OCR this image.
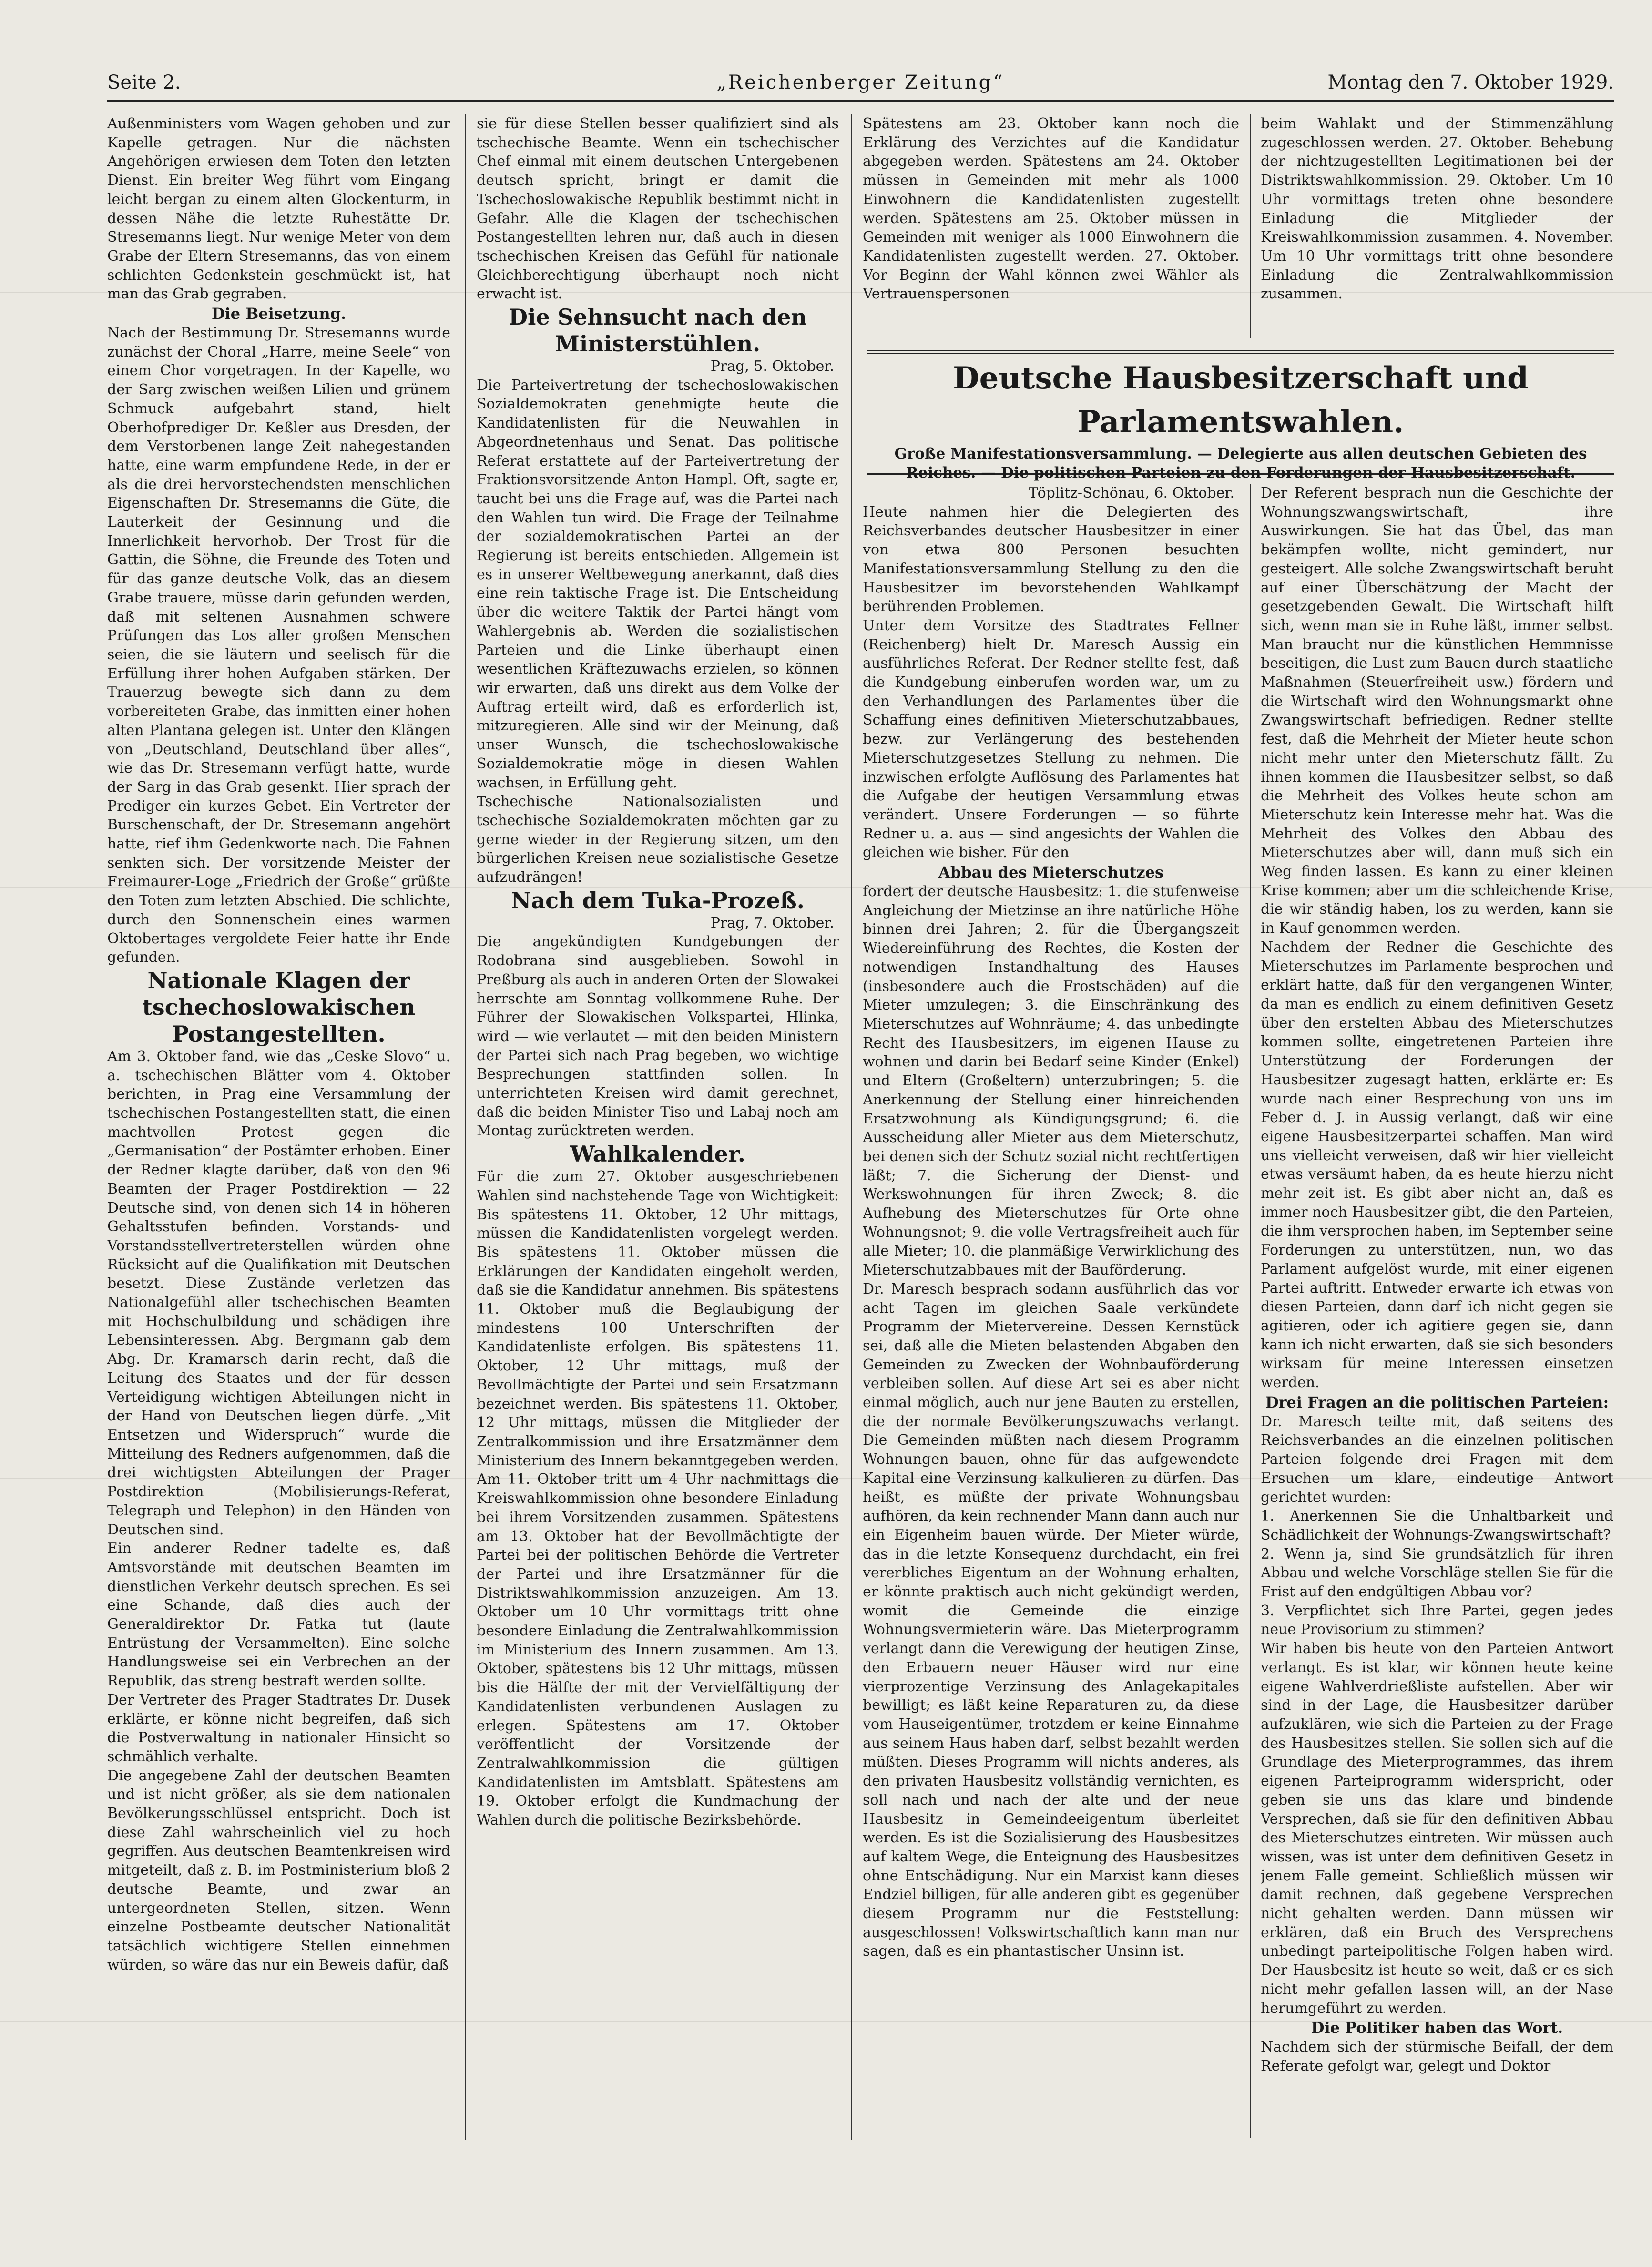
Seite 2.	„Reichenberger Zeitung“	Montag den 7. Oktober 1929.

Außenministers vom Wagen gehoben und zur Kapelle getragen. Nur die nächsten Angehörigen erwiesen dem Toten den letzten Dienst. Ein breiter Weg führt vom Eingang leicht bergan zu einem alten Glockenturm, in dessen Nähe die letzte Ruhestätte Dr. Stresemanns liegt. Nur wenige Meter von dem Grabe der Eltern Stresemanns, das von einem schlichten Gedenkstein geschmückt ist, hat man das Grab gegraben.

Die Beisetzung.

Nach der Bestimmung Dr. Stresemanns wurde zunächst der Choral „Harre, meine Seele“ von einem Chor vorgetragen. In der Kapelle, wo der Sarg zwischen weißen Lilien und grünem Schmuck aufgebahrt stand, hielt Oberhofprediger Dr. Keßler aus Dresden, der dem Verstorbenen lange Zeit nahegestanden hatte, eine warm empfundene Rede, in der er als die drei hervorstechendsten menschlichen Eigenschaften Dr. Stresemanns die Güte, die Lauterkeit der Gesinnung und die Innerlichkeit hervorhob. Der Trost für die Gattin, die Söhne, die Freunde des Toten und für das ganze deutsche Volk, das an diesem Grabe trauere, müsse darin gefunden werden, daß mit seltenen Ausnahmen schwere Prüfungen das Los aller großen Menschen seien, die sie läutern und seelisch für die Erfüllung ihrer hohen Aufgaben stärken. Der Trauerzug bewegte sich dann zu dem vorbereiteten Grabe, das inmitten einer hohen alten Plantana gelegen ist. Unter den Klängen von „Deutschland, Deutschland über alles“, wie das Dr. Stresemann verfügt hatte, wurde der Sarg in das Grab gesenkt. Hier sprach der Prediger ein kurzes Gebet. Ein Vertreter der Burschenschaft, der Dr. Stresemann angehört hatte, rief ihm Gedenkworte nach. Die Fahnen senkten sich. Der vorsitzende Meister der Freimaurer-Loge „Friedrich der Große“ grüßte den Toten zum letzten Abschied. Die schlichte, durch den Sonnenschein eines warmen Oktobertages vergoldete Feier hatte ihr Ende gefunden.

Nationale Klagen der tschechoslowakischen Postangestellten.

Am 3. Oktober fand, wie das „Ceske Slovo“ u. a. tschechischen Blätter vom 4. Oktober berichten, in Prag eine Versammlung der tschechischen Postangestellten statt, die einen machtvollen Protest gegen die „Germanisation“ der Postämter erhoben. Einer der Redner klagte darüber, daß von den 96 Beamten der Prager Postdirektion — 22 Deutsche sind, von denen sich 14 in höheren Gehaltsstufen befinden. Vorstands- und Vorstandsstellvertreterstellen würden ohne Rücksicht auf die Qualifikation mit Deutschen besetzt. Diese Zustände verletzen das Nationalgefühl aller tschechischen Beamten mit Hochschulbildung und schädigen ihre Lebensinteressen. Abg. Bergmann gab dem Abg. Dr. Kramarsch darin recht, daß die Leitung des Staates und der für dessen Verteidigung wichtigen Abteilungen nicht in der Hand von Deutschen liegen dürfe. „Mit Entsetzen und Widerspruch“ wurde die Mitteilung des Redners aufgenommen, daß die drei wichtigsten Abteilungen der Prager Postdirektion (Mobilisierungs-Referat, Telegraph und Telephon) in den Händen von Deutschen sind.

Ein anderer Redner tadelte es, daß Amtsvorstände mit deutschen Beamten im dienstlichen Verkehr deutsch sprechen. Es sei eine Schande, daß dies auch der Generaldirektor Dr. Fatka tut (laute Entrüstung der Versammelten). Eine solche Handlungsweise sei ein Verbrechen an der Republik, das streng bestraft werden sollte.

Der Vertreter des Prager Stadtrates Dr. Dusek erklärte, er könne nicht begreifen, daß sich die Postverwaltung in nationaler Hinsicht so schmählich verhalte.

Die angegebene Zahl der deutschen Beamten und ist nicht größer, als sie dem nationalen Bevölkerungsschlüssel entspricht. Doch ist diese Zahl wahrscheinlich viel zu hoch gegriffen. Aus deutschen Beamtenkreisen wird mitgeteilt, daß z. B. im Postministerium bloß 2 deutsche Beamte, und zwar an untergeordneten Stellen, sitzen. Wenn einzelne Postbeamte deutscher Nationalität tatsächlich wichtigere Stellen einnehmen würden, so wäre das nur ein Beweis dafür, daß

sie für diese Stellen besser qualifiziert sind als tschechische Beamte. Wenn ein tschechischer Chef einmal mit einem deutschen Untergebenen deutsch spricht, bringt er damit die Tschechoslowakische Republik bestimmt nicht in Gefahr. Alle die Klagen der tschechischen Postangestellten lehren nur, daß auch in diesen tschechischen Kreisen das Gefühl für nationale Gleichberechtigung überhaupt noch nicht erwacht ist.

Die Sehnsucht nach den Ministerstühlen.

Prag, 5. Oktober.

Die Parteivertretung der tschechoslowakischen Sozialdemokraten genehmigte heute die Kandidatenlisten für die Neuwahlen in Abgeordnetenhaus und Senat. Das politische Referat erstattete auf der Parteivertretung der Fraktionsvorsitzende Anton Hampl. Oft, sagte er, taucht bei uns die Frage auf, was die Partei nach den Wahlen tun wird. Die Frage der Teilnahme der sozialdemokratischen Partei an der Regierung ist bereits entschieden. Allgemein ist es in unserer Weltbewegung anerkannt, daß dies eine rein taktische Frage ist. Die Entscheidung über die weitere Taktik der Partei hängt vom Wahlergebnis ab. Werden die sozialistischen Parteien und die Linke überhaupt einen wesentlichen Kräftezuwachs erzielen, so können wir erwarten, daß uns direkt aus dem Volke der Auftrag erteilt wird, daß es erforderlich ist, mitzuregieren. Alle sind wir der Meinung, daß unser Wunsch, die tschechoslowakische Sozialdemokratie möge in diesen Wahlen wachsen, in Erfüllung geht.

Tschechische Nationalsozialisten und tschechische Sozialdemokraten möchten gar zu gerne wieder in der Regierung sitzen, um den bürgerlichen Kreisen neue sozialistische Gesetze aufzudrängen!

Nach dem Tuka-Prozeß.

Prag, 7. Oktober.

Die angekündigten Kundgebungen der Rodobrana sind ausgeblieben. Sowohl in Preßburg als auch in anderen Orten der Slowakei herrschte am Sonntag vollkommene Ruhe. Der Führer der Slowakischen Volkspartei, Hlinka, wird — wie verlautet — mit den beiden Ministern der Partei sich nach Prag begeben, wo wichtige Besprechungen stattfinden sollen. In unterrichteten Kreisen wird damit gerechnet, daß die beiden Minister Tiso und Labaj noch am Montag zurücktreten werden.

Wahlkalender.

Für die zum 27. Oktober ausgeschriebenen Wahlen sind nachstehende Tage von Wichtigkeit: Bis spätestens 11. Oktober, 12 Uhr mittags, müssen die Kandidatenlisten vorgelegt werden. Bis spätestens 11. Oktober müssen die Erklärungen der Kandidaten eingeholt werden, daß sie die Kandidatur annehmen. Bis spätestens 11. Oktober muß die Beglaubigung der mindestens 100 Unterschriften der Kandidatenliste erfolgen. Bis spätestens 11. Oktober, 12 Uhr mittags, muß der Bevollmächtigte der Partei und sein Ersatzmann bezeichnet werden. Bis spätestens 11. Oktober, 12 Uhr mittags, müssen die Mitglieder der Zentralkommission und ihre Ersatzmänner dem Ministerium des Innern bekanntgegeben werden. Am 11. Oktober tritt um 4 Uhr nachmittags die Kreiswahlkommission ohne besondere Einladung bei ihrem Vorsitzenden zusammen. Spätestens am 13. Oktober hat der Bevollmächtigte der Partei bei der politischen Behörde die Vertreter der Partei und ihre Ersatzmänner für die Distriktswahlkommission anzuzeigen. Am 13. Oktober um 10 Uhr vormittags tritt ohne besondere Einladung die Zentralwahlkommission im Ministerium des Innern zusammen. Am 13. Oktober, spätestens bis 12 Uhr mittags, müssen bis die Hälfte der mit der Vervielfältigung der Kandidatenlisten verbundenen Auslagen zu erlegen. Spätestens am 17. Oktober veröffentlicht der Vorsitzende der Zentralwahlkommission die gültigen Kandidatenlisten im Amtsblatt. Spätestens am 19. Oktober erfolgt die Kundmachung der Wahlen durch die politische Bezirksbehörde.

Spätestens am 23. Oktober kann noch die Erklärung des Verzichtes auf die Kandidatur abgegeben werden. Spätestens am 24. Oktober müssen in Gemeinden mit mehr als 1000 Einwohnern die Kandidatenlisten zugestellt werden. Spätestens am 25. Oktober müssen in Gemeinden mit weniger als 1000 Einwohnern die Kandidatenlisten zugestellt werden. 27. Oktober. Vor Beginn der Wahl können zwei Wähler als Vertrauenspersonen

beim Wahlakt und der Stimmenzählung zugeschlossen werden. 27. Oktober. Behebung der nichtzugestellten Legitimationen bei der Distriktswahlkommission. 29. Oktober. Um 10 Uhr vormittags treten ohne besondere Einladung die Mitglieder der Kreiswahlkommission zusammen. 4. November. Um 10 Uhr vormittags tritt ohne besondere Einladung die Zentralwahlkommission zusammen.

Deutsche Hausbesitzerschaft und Parlamentswahlen.
Große Manifestationsversammlung. — Delegierte aus allen deutschen Gebieten des Reiches. — Die politischen Parteien zu den Forderungen der Hausbesitzerschaft.

Töplitz-Schönau, 6. Oktober.

Heute nahmen hier die Delegierten des Reichsverbandes deutscher Hausbesitzer in einer von etwa 800 Personen besuchten Manifestationsversammlung Stellung zu den die Hausbesitzer im bevorstehenden Wahlkampf berührenden Problemen.

Unter dem Vorsitze des Stadtrates Fellner (Reichenberg) hielt Dr. Maresch Aussig ein ausführliches Referat. Der Redner stellte fest, daß die Kundgebung einberufen worden war, um zu den Verhandlungen des Parlamentes über die Schaffung eines definitiven Mieterschutzabbaues, bezw. zur Verlängerung des bestehenden Mieterschutzgesetzes Stellung zu nehmen. Die inzwischen erfolgte Auflösung des Parlamentes hat die Aufgabe der heutigen Versammlung etwas verändert. Unsere Forderungen — so führte Redner u. a. aus — sind angesichts der Wahlen die gleichen wie bisher. Für den

Abbau des Mieterschutzes

fordert der deutsche Hausbesitz: 1. die stufenweise Angleichung der Mietzinse an ihre natürliche Höhe binnen drei Jahren; 2. für die Übergangszeit Wiedereinführung des Rechtes, die Kosten der notwendigen Instandhaltung des Hauses (insbesondere auch die Frostschäden) auf die Mieter umzulegen; 3. die Einschränkung des Mieterschutzes auf Wohnräume; 4. das unbedingte Recht des Hausbesitzers, im eigenen Hause zu wohnen und darin bei Bedarf seine Kinder (Enkel) und Eltern (Großeltern) unterzubringen; 5. die Anerkennung der Stellung einer hinreichenden Ersatzwohnung als Kündigungsgrund; 6. die Ausscheidung aller Mieter aus dem Mieterschutz, bei denen sich der Schutz sozial nicht rechtfertigen läßt; 7. die Sicherung der Dienst- und Werkswohnungen für ihren Zweck; 8. die Aufhebung des Mieterschutzes für Orte ohne Wohnungsnot; 9. die volle Vertragsfreiheit auch für alle Mieter; 10. die planmäßige Verwirklichung des Mieterschutzabbaues mit der Bauförderung.

Dr. Maresch besprach sodann ausführlich das vor acht Tagen im gleichen Saale verkündete Programm der Mietervereine. Dessen Kernstück sei, daß alle die Mieten belastenden Abgaben den Gemeinden zu Zwecken der Wohnbauförderung verbleiben sollen. Auf diese Art sei es aber nicht einmal möglich, auch nur jene Bauten zu erstellen, die der normale Bevölkerungszuwachs verlangt. Die Gemeinden müßten nach diesem Programm Wohnungen bauen, ohne für das aufgewendete Kapital eine Verzinsung kalkulieren zu dürfen. Das heißt, es müßte der private Wohnungsbau aufhören, da kein rechnender Mann dann auch nur ein Eigenheim bauen würde. Der Mieter würde, das in die letzte Konsequenz durchdacht, ein frei vererbliches Eigentum an der Wohnung erhalten, er könnte praktisch auch nicht gekündigt werden, womit die Gemeinde die einzige Wohnungsvermieterin wäre. Das Mieterprogramm verlangt dann die Verewigung der heutigen Zinse, den Erbauern neuer Häuser wird nur eine vierprozentige Verzinsung des Anlagekapitales bewilligt; es läßt keine Reparaturen zu, da diese vom Hauseigentümer, trotzdem er keine Einnahme aus seinem Haus haben darf, selbst bezahlt werden müßten. Dieses Programm will nichts anderes, als den privaten Hausbesitz vollständig vernichten, es soll nach und nach der alte und der neue Hausbesitz in Gemeindeeigentum überleitet werden. Es ist die Sozialisierung des Hausbesitzes auf kaltem Wege, die Enteignung des Hausbesitzes ohne Entschädigung. Nur ein Marxist kann dieses Endziel billigen, für alle anderen gibt es gegenüber diesem Programm nur die Feststellung: ausgeschlossen! Volkswirtschaftlich kann man nur sagen, daß es ein phantastischer Unsinn ist.

Der Referent besprach nun die Geschichte der Wohnungszwangswirtschaft, ihre Auswirkungen. Sie hat das Übel, das man bekämpfen wollte, nicht gemindert, nur gesteigert. Alle solche Zwangswirtschaft beruht auf einer Überschätzung der Macht der gesetzgebenden Gewalt. Die Wirtschaft hilft sich, wenn man sie in Ruhe läßt, immer selbst. Man braucht nur die künstlichen Hemmnisse beseitigen, die Lust zum Bauen durch staatliche Maßnahmen (Steuerfreiheit usw.) fördern und die Wirtschaft wird den Wohnungsmarkt ohne Zwangswirtschaft befriedigen. Redner stellte fest, daß die Mehrheit der Mieter heute schon nicht mehr unter den Mieterschutz fällt. Zu ihnen kommen die Hausbesitzer selbst, so daß die Mehrheit des Volkes heute schon am Mieterschutz kein Interesse mehr hat. Was die Mehrheit des Volkes den Abbau des Mieterschutzes aber will, dann muß sich ein Weg finden lassen. Es kann zu einer kleinen Krise kommen; aber um die schleichende Krise, die wir ständig haben, los zu werden, kann sie in Kauf genommen werden.

Nachdem der Redner die Geschichte des Mieterschutzes im Parlamente besprochen und erklärt hatte, daß für den vergangenen Winter, da man es endlich zu einem definitiven Gesetz über den erstelten Abbau des Mieterschutzes kommen sollte, eingetretenen Parteien ihre Unterstützung der Forderungen der Hausbesitzer zugesagt hatten, erklärte er: Es wurde nach einer Besprechung von uns im Feber d. J. in Aussig verlangt, daß wir eine eigene Hausbesitzerpartei schaffen. Man wird uns vielleicht verweisen, daß wir hier vielleicht etwas versäumt haben, da es heute hierzu nicht mehr zeit ist. Es gibt aber nicht an, daß es immer noch Hausbesitzer gibt, die den Parteien, die ihm versprochen haben, im September seine Forderungen zu unterstützen, nun, wo das Parlament aufgelöst wurde, mit einer eigenen Partei auftritt. Entweder erwarte ich etwas von diesen Parteien, dann darf ich nicht gegen sie agitieren, oder ich agitiere gegen sie, dann kann ich nicht erwarten, daß sie sich besonders wirksam für meine Interessen einsetzen werden.

Drei Fragen an die politischen Parteien:

Dr. Maresch teilte mit, daß seitens des Reichsverbandes an die einzelnen politischen Parteien folgende drei Fragen mit dem Ersuchen um klare, eindeutige Antwort gerichtet wurden:

1. Anerkennen Sie die Unhaltbarkeit und Schädlichkeit der Wohnungs-Zwangswirtschaft?

2. Wenn ja, sind Sie grundsätzlich für ihren Abbau und welche Vorschläge stellen Sie für die Frist auf den endgültigen Abbau vor?

3. Verpflichtet sich Ihre Partei, gegen jedes neue Provisorium zu stimmen?

Wir haben bis heute von den Parteien Antwort verlangt. Es ist klar, wir können heute keine eigene Wahlverdrießliste aufstellen. Aber wir sind in der Lage, die Hausbesitzer darüber aufzuklären, wie sich die Parteien zu der Frage des Hausbesitzes stellen. Sie sollen sich auf die Grundlage des Mieterprogrammes, das ihrem eigenen Parteiprogramm widerspricht, oder geben sie uns das klare und bindende Versprechen, daß sie für den definitiven Abbau des Mieterschutzes eintreten. Wir müssen auch wissen, was ist unter dem definitiven Gesetz in jenem Falle gemeint. Schließlich müssen wir damit rechnen, daß gegebene Versprechen nicht gehalten werden. Dann müssen wir erklären, daß ein Bruch des Versprechens unbedingt parteipolitische Folgen haben wird. Der Hausbesitz ist heute so weit, daß er es sich nicht mehr gefallen lassen will, an der Nase herumgeführt zu werden.

Die Politiker haben das Wort.

Nachdem sich der stürmische Beifall, der dem Referate gefolgt war, gelegt und Doktor
